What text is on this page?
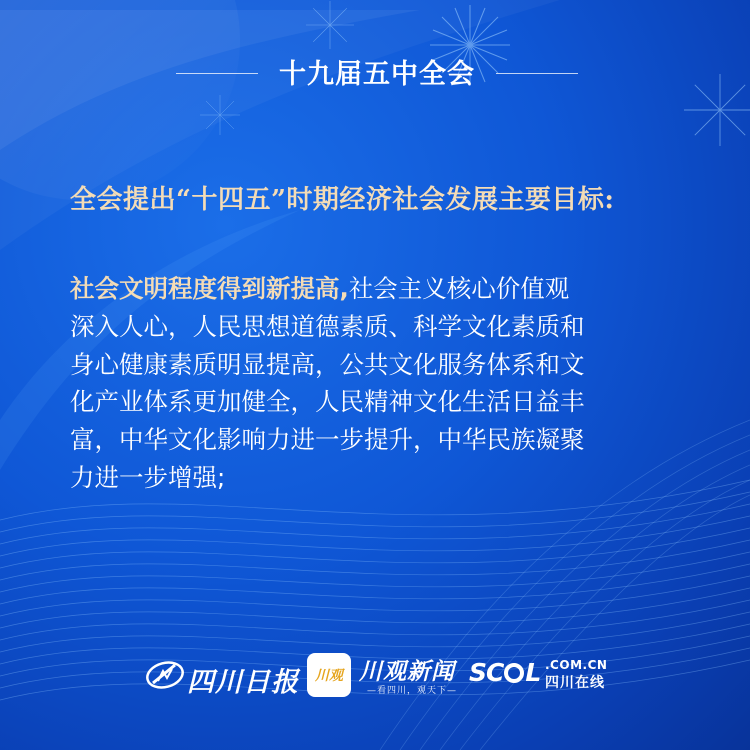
十九届五中全会
全会提出“十四五”时期经济社会发展主要目标:
社会文明程度得到新提高,社会主义核心价值观
深入人心，人民思想道德素质、科学文化素质和
身心健康素质明显提高，公共文化服务体系和文
化产业体系更加健全，人民精神文化生活日益丰
富，中华文化影响力进一步提升，中华民族凝聚
力进一步增强;
四川日报	川观 川观新闻
—看四川，观天下—
SC L .COM.CN
四川在线
